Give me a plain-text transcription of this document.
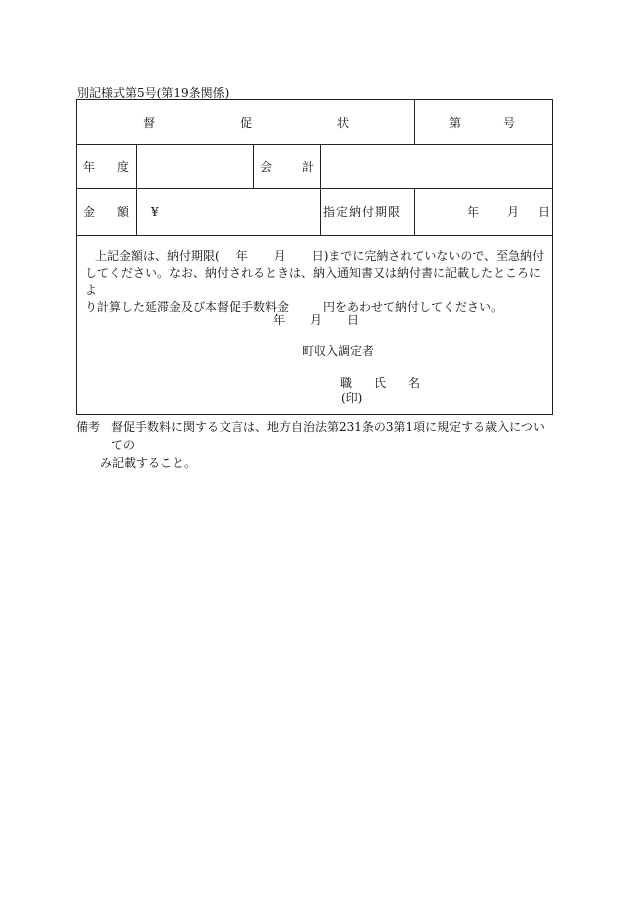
別記様式第5号(第19条関係)
督	促	状	第	号
年 度	会 計
金 額 ¥	指定納付期限	年 月 日

上記金額は、納付期限( 年 月 日)までに完納されていないので、至急納付

してください。なお、納付されるときは、納入通知書又は納付書に記載したところによ

り計算した延滞金及び本督促手数料金	円をあわせて納付してください。

年 月 日
町収入調定者
職 氏 名
(印)
備考 督促手数料に関する文言は、地方自治法第231条の3第1項に規定する歳入についての
み記載すること。
